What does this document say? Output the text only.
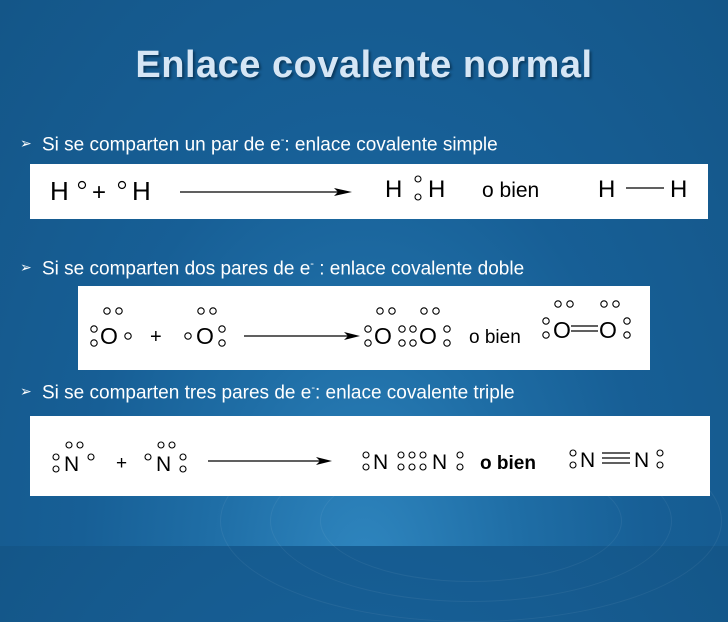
Enlace covalente normal
➢ Si se comparten un par de e-: enlace covalente simple
H + H	H H o bien H H
➢ Si se comparten dos pares de e- : enlace covalente doble
O + O	O O o bien O O
➢ Si se comparten tres pares de e-: enlace covalente triple
N + N	N N o bien N N
